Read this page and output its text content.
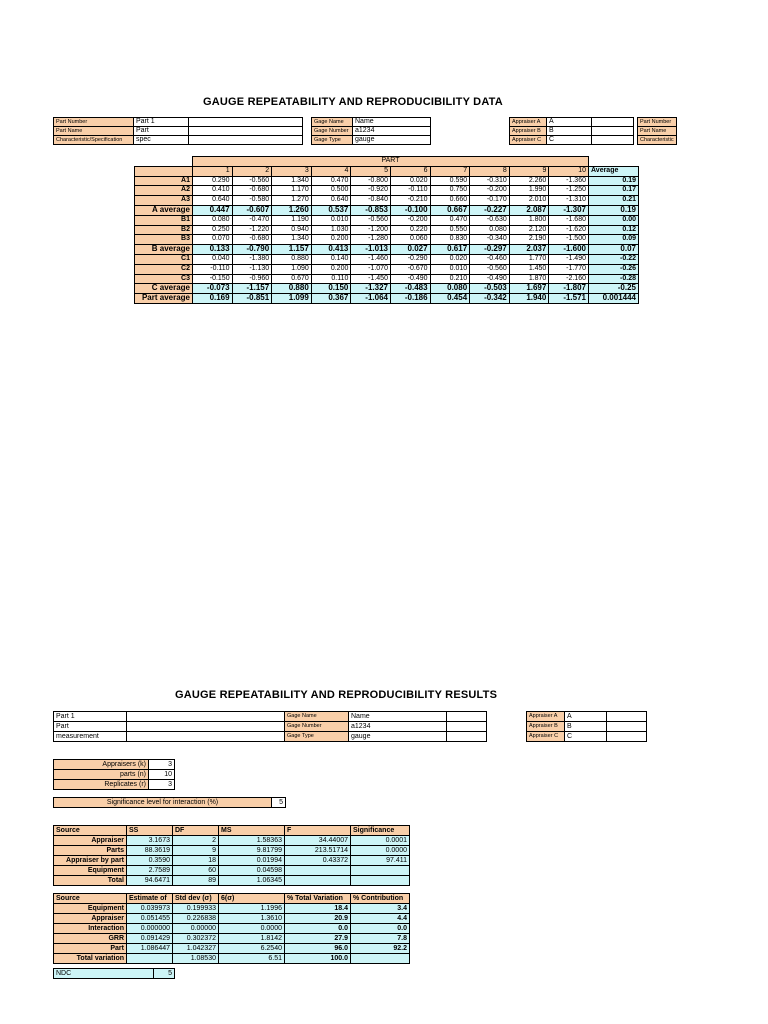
GAUGE REPEATABILITY AND REPRODUCIBILITY DATA
Part Number	Part 1	
Part Name	Part	
Characteristic/Specification	spec	
Gage Name	Name
Gage Number	a1234
Gage Type	gauge
Appraiser A	A	
Appraiser B	B	
Appraiser C	C	
Part Number
Part Name
Characteristic
	PART										
	1	2	3	4	5	6	7	8	9	10	Average
A1	0.290	-0.560	1.340	0.470	-0.800	0.020	0.590	-0.310	2.260	-1.360	0.19
A2	0.410	-0.680	1.170	0.500	-0.920	-0.110	0.750	-0.200	1.990	-1.250	0.17
A3	0.640	-0.580	1.270	0.640	-0.840	-0.210	0.660	-0.170	2.010	-1.310	0.21
A average	0.447	-0.607	1.260	0.537	-0.853	-0.100	0.667	-0.227	2.087	-1.307	0.19
B1	0.080	-0.470	1.190	0.010	-0.560	-0.200	0.470	-0.630	1.800	-1.680	0.00
B2	0.250	-1.220	0.940	1.030	-1.200	0.220	0.550	0.080	2.120	-1.620	0.12
B3	0.070	-0.680	1.340	0.200	-1.280	0.060	0.830	-0.340	2.190	-1.500	0.09
B average	0.133	-0.790	1.157	0.413	-1.013	0.027	0.617	-0.297	2.037	-1.600	0.07
C1	0.040	-1.380	0.880	0.140	-1.460	-0.290	0.020	-0.460	1.770	-1.490	-0.22
C2	-0.110	-1.130	1.090	0.200	-1.070	-0.670	0.010	-0.560	1.450	-1.770	-0.26
C3	-0.150	-0.960	0.670	0.110	-1.450	-0.490	0.210	-0.490	1.870	-2.160	-0.28
C average	-0.073	-1.157	0.880	0.150	-1.327	-0.483	0.080	-0.503	1.697	-1.807	-0.25
Part average	0.169	-0.851	1.099	0.367	-1.064	-0.186	0.454	-0.342	1.940	-1.571	0.001444
GAUGE REPEATABILITY AND REPRODUCIBILITY RESULTS
Part 1		Gage Name	Name	
Part		Gage Number	a1234	
measurement		Gage Type	gauge	
Appraiser A	A	
Appraiser B	B	
Appraiser C	C	
Appraisers (k)	3
parts (n)	10
Replicates (r)	3
Significance level for interaction (%)	5
Source	SS	DF	MS	F	Significance
Appraiser	3.1673	2	1.58363	34.44007	0.0001
Parts	88.3619	9	9.81799	213.51714	0.0000
Appraiser by part	0.3590	18	0.01994	0.43372	97.411
Equipment	2.7589	60	0.04598		
Total	94.6471	89	1.06345		
Source	Estimate of	Std dev (σ)	6(σ)	% Total Variation	% Contribution
Equipment	0.039973	0.199933	1.1996	18.4	3.4
Appraiser	0.051455	0.226838	1.3610	20.9	4.4
Interaction	0.000000	0.00000	0.0000	0.0	0.0
GRR	0.091429	0.302372	1.8142	27.9	7.8
Part	1.086447	1.042327	6.2540	96.0	92.2
Total variation		1.08530	6.51	100.0	
NDC	5
